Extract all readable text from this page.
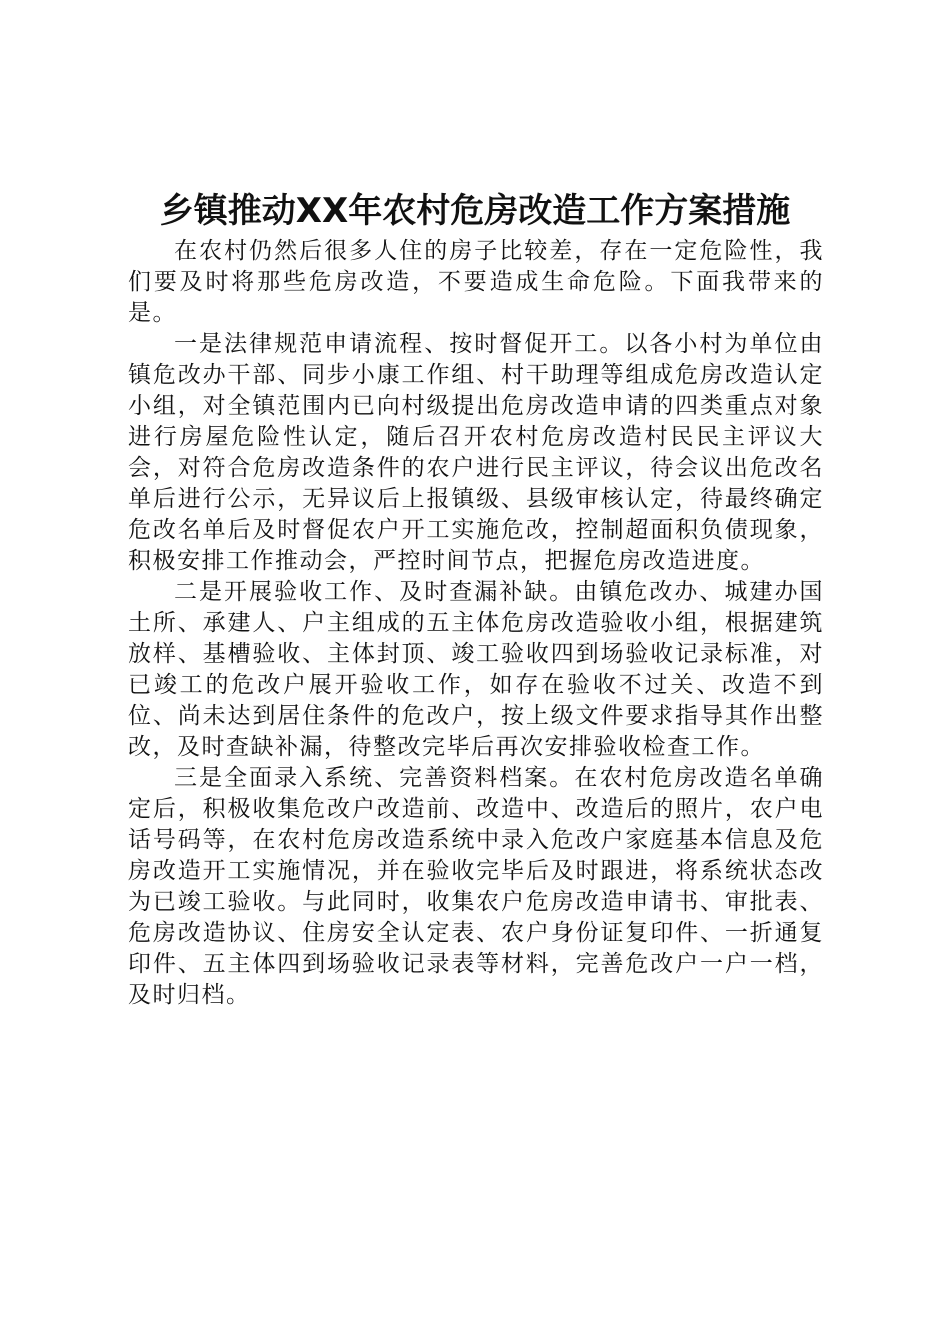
乡镇推动XX年农村危房改造工作方案措施

在农村仍然后很多人住的房子比较差，存在一定危险性，我们要及时将那些危房改造，不要造成生命危险。下面我带来的是。

一是法律规范申请流程、按时督促开工。以各小村为单位由镇危改办干部、同步小康工作组、村干助理等组成危房改造认定小组，对全镇范围内已向村级提出危房改造申请的四类重点对象进行房屋危险性认定，随后召开农村危房改造村民民主评议大会，对符合危房改造条件的农户进行民主评议，待会议出危改名单后进行公示，无异议后上报镇级、县级审核认定，待最终确定危改名单后及时督促农户开工实施危改，控制超面积负债现象，积极安排工作推动会，严控时间节点，把握危房改造进度。

二是开展验收工作、及时查漏补缺。由镇危改办、城建办国土所、承建人、户主组成的五主体危房改造验收小组，根据建筑放样、基槽验收、主体封顶、竣工验收四到场验收记录标准，对已竣工的危改户展开验收工作，如存在验收不过关、改造不到位、尚未达到居住条件的危改户，按上级文件要求指导其作出整改，及时查缺补漏，待整改完毕后再次安排验收检查工作。

三是全面录入系统、完善资料档案。在农村危房改造名单确定后，积极收集危改户改造前、改造中、改造后的照片，农户电话号码等，在农村危房改造系统中录入危改户家庭基本信息及危房改造开工实施情况，并在验收完毕后及时跟进，将系统状态改为已竣工验收。与此同时，收集农户危房改造申请书、审批表、危房改造协议、住房安全认定表、农户身份证复印件、一折通复印件、五主体四到场验收记录表等材料，完善危改户一户一档，及时归档。
